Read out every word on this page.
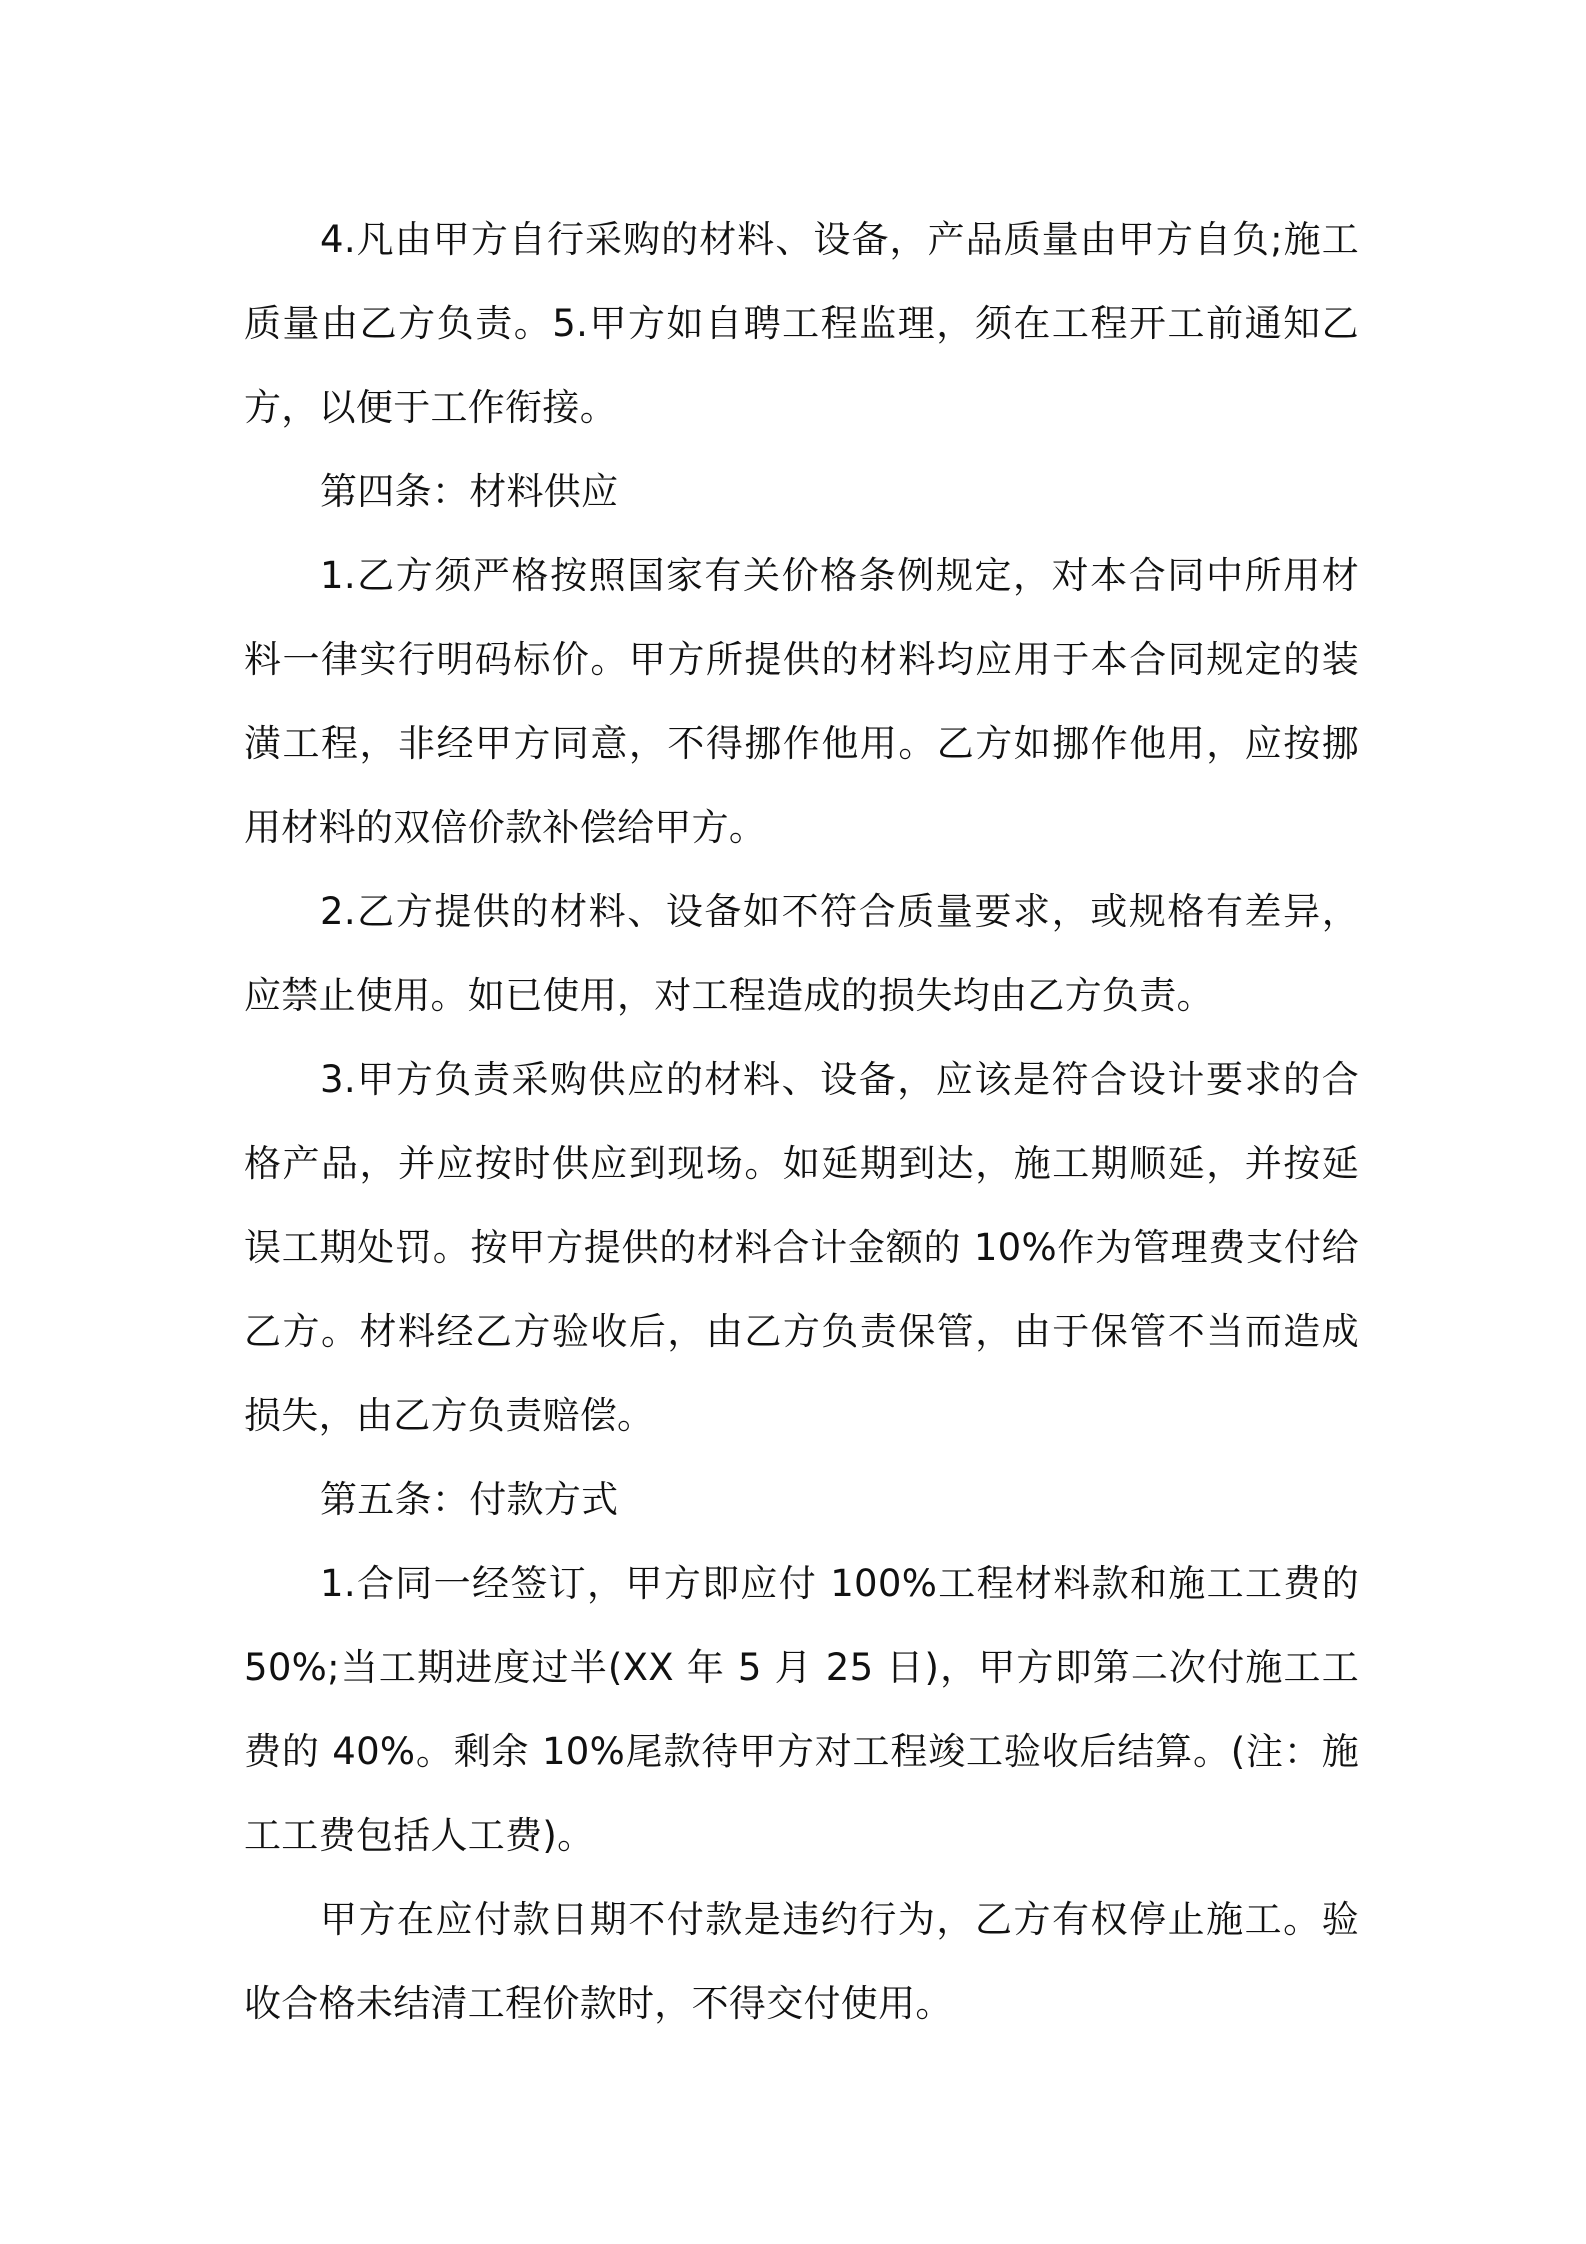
4.凡由甲方自行采购的材料、设备，产品质量由甲方自负;施工质量由乙方负责。5.甲方如自聘工程监理，须在工程开工前通知乙方，以便于工作衔接。

第四条：材料供应

1.乙方须严格按照国家有关价格条例规定，对本合同中所用材料一律实行明码标价。甲方所提供的材料均应用于本合同规定的装潢工程，非经甲方同意，不得挪作他用。乙方如挪作他用，应按挪用材料的双倍价款补偿给甲方。

2.乙方提供的材料、设备如不符合质量要求，或规格有差异，应禁止使用。如已使用，对工程造成的损失均由乙方负责。

3.甲方负责采购供应的材料、设备，应该是符合设计要求的合格产品，并应按时供应到现场。如延期到达，施工期顺延，并按延误工期处罚。按甲方提供的材料合计金额的 10%作为管理费支付给乙方。材料经乙方验收后，由乙方负责保管，由于保管不当而造成损失，由乙方负责赔偿。

第五条：付款方式

1.合同一经签订，甲方即应付 100%工程材料款和施工工费的 50%;当工期进度过半(XX 年 5 月 25 日)，甲方即第二次付施工工费的 40%。剩余 10%尾款待甲方对工程竣工验收后结算。(注：施工工费包括人工费)。

甲方在应付款日期不付款是违约行为，乙方有权停止施工。验收合格未结清工程价款时，不得交付使用。
